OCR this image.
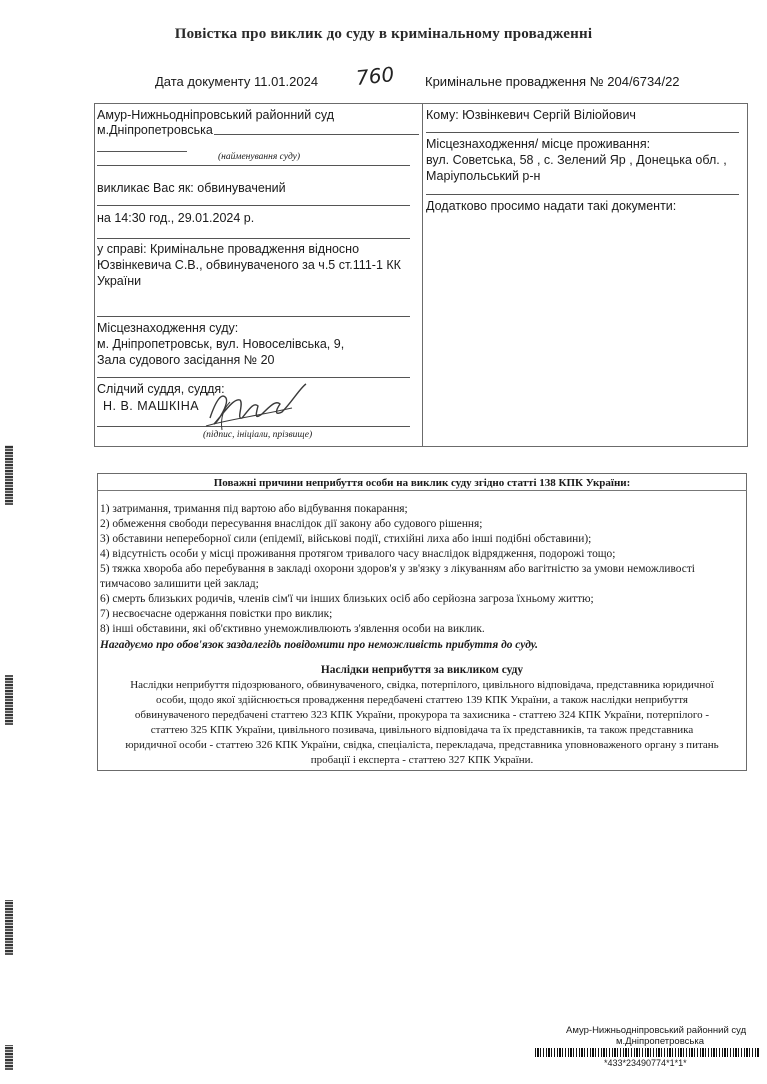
Повістка про виклик до суду в кримінальному провадженні
Дата документу 11.01.2024 760 Кримінальне провадження № 204/6734/22
Амур-Нижньодніпровський районний суд
м.Дніпропетровська
(найменування суду)
викликає Вас як: обвинувачений
на 14:30 год., 29.01.2024 р.
у справі: Кримінальне провадження відносно
Юзвінкевича С.В., обвинуваченого за ч.5 ст.111-1 КК
України
Місцезнаходження суду:
м. Дніпропетровськ, вул. Новоселівська, 9,
Зала судового засідання № 20
Слідчий суддя, суддя:
Н. В. МАШКІНА
(підпис, ініціали, прізвище)
Кому: Юзвінкевич Сергій Віліойович
Місцезнаходження/ місце проживання:
вул. Советська, 58 , с. Зелений Яр , Донецька обл. ,
Маріупольський р-н
Додатково просимо надати такі документи:
Поважні причини неприбуття особи на виклик суду згідно статті 138 КПК України:
1) затримання, тримання під вартою або відбування покарання;
2) обмеження свободи пересування внаслідок дії закону або судового рішення;
3) обставини непереборної сили (епідемії, військові події, стихійні лиха або інші подібні обставини);
4) відсутність особи у місці проживання протягом тривалого часу внаслідок відрядження, подорожі тощо;
5) тяжка хвороба або перебування в закладі охорони здоров'я у зв'язку з лікуванням або вагітністю за умови неможливості
тимчасово залишити цей заклад;
6) смерть близьких родичів, членів сім'ї чи інших близьких осіб або серйозна загроза їхньому життю;
7) несвоєчасне одержання повістки про виклик;
8) інші обставини, які об'єктивно унеможливлюють з'явлення особи на виклик.
Нагадуємо про обов'язок заздалегідь повідомити про неможливість прибуття до суду.
Наслідки неприбуття за викликом суду
Наслідки неприбуття підозрюваного, обвинуваченого, свідка, потерпілого, цивільного відповідача, представника юридичної
особи, щодо якої здійснюється провадження передбачені статтею 139 КПК України, а також наслідки неприбуття
обвинуваченого передбачені статтею 323 КПК України, прокурора та захисника - статтею 324 КПК України, потерпілого -
статтею 325 КПК України, цивільного позивача, цивільного відповідача та їх представників, та також представника
юридичної особи - статтею 326 КПК України, свідка, спеціаліста, перекладача, представника уповноваженого органу з питань
пробації і експерта - статтею 327 КПК України.
Амур-Нижньодніпровський районний суд
м.Дніпропетровська
*433*23490774*1*1*
